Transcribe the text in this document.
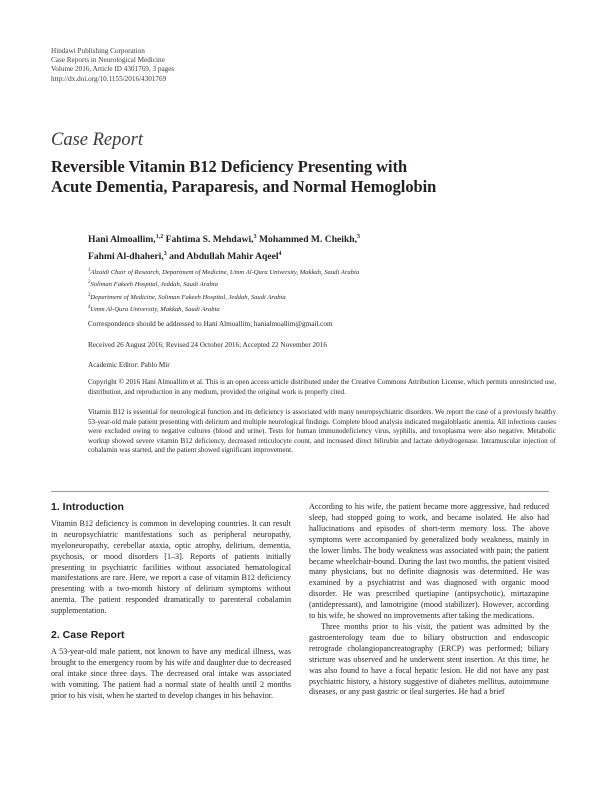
Hindawi Publishing Corporation
Case Reports in Neurological Medicine
Volume 2016, Article ID 4301769, 3 pages
http://dx.doi.org/10.1155/2016/4301769
Case Report
Reversible Vitamin B12 Deficiency Presenting with
Acute Dementia, Paraparesis, and Normal Hemoglobin
Hani Almoallim,$^{1,2}$ Fahtima S. Mehdawi,$^3$ Mohammed M. Cheikh,$^3$
Fahmi Al-dhaheri,$^3$ and Abdullah Mahir Aqeel$^4$
$^1$Alzaidi Chair of Research, Department of Medicine, Umm Al-Qura University, Makkah, Saudi Arabia
$^2$Soliman Fakeeh Hospital, Jeddah, Saudi Arabia
$^3$Department of Medicine, Soliman Fakeeh Hospital, Jeddah, Saudi Arabia
$^4$Umm Al-Qura University, Makkah, Saudi Arabia
Correspondence should be addressed to Hani Almoallim; hanialmoallim@gmail.com
Received 26 August 2016; Revised 24 October 2016; Accepted 22 November 2016
Academic Editor: Pablo Mir
Copyright © 2016 Hani Almoallim et al. This is an open access article distributed under the Creative Commons Attribution License, which permits unrestricted use, distribution, and reproduction in any medium, provided the original work is properly cited.
Vitamin B12 is essential for neurological function and its deficiency is associated with many neuropsychiatric disorders. We report the case of a previously healthy 53-year-old male patient presenting with delirium and multiple neurological findings. Complete blood analysis indicated megaloblastic anemia. All infectious causes were excluded owing to negative cultures (blood and urine). Tests for human immunodeficiency virus, syphilis, and toxoplasma were also negative. Metabolic workup showed severe vitamin B12 deficiency, decreased reticulocyte count, and increased direct bilirubin and lactate dehydrogenase. Intramuscular injection of cobalamin was started, and the patient showed significant improvement.
1. Introduction

Vitamin B12 deficiency is common in developing countries. It can result in neuropsychiatric manifestations such as peripheral neuropathy, myeloneuropathy, cerebellar ataxia, optic atrophy, delirium, dementia, psychosis, or mood disorders [1–3]. Reports of patients initially presenting to psychiatric facilities without associated hematological manifestations are rare. Here, we report a case of vitamin B12 deficiency presenting with a two-month history of delirium symptoms without anemia. The patient responded dramatically to parenteral cobalamin supplementation.

2. Case Report

A 53-year-old male patient, not known to have any medical illness, was brought to the emergency room by his wife and daughter due to decreased oral intake since three days. The decreased oral intake was associated with vomiting. The patient had a normal state of health until 2 months prior to his visit, when he started to develop changes in his behavior.

According to his wife, the patient became more aggressive, had reduced sleep, had stopped going to work, and became isolated. He also had hallucinations and episodes of short-term memory loss. The above symptoms were accompanied by generalized body weakness, mainly in the lower limbs. The body weakness was associated with pain; the patient became wheelchair-bound. During the last two months, the patient visited many physicians, but no definite diagnosis was determined. He was examined by a psychiatrist and was diagnosed with organic mood disorder. He was prescribed quetiapine (antipsychotic), mirtazapine (antidepressant), and lamotrigine (mood stabilizer). However, according to his wife, he showed no improvements after taking the medications.

Three months prior to his visit, the patient was admitted by the gastroenterology team due to biliary obstruction and endoscopic retrograde cholangiopancreatography (ERCP) was performed; biliary stricture was observed and he underwent stent insertion. At this time, he was also found to have a focal hepatic lesion. He did not have any past psychiatric history, a history suggestive of diabetes mellitus, autoimmune diseases, or any past gastric or ileal surgeries. He had a brief
